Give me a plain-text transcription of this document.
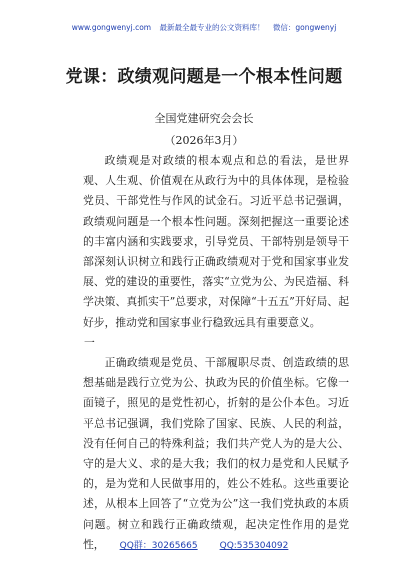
www.gongwenyj.com 最新最全最专业的公文资料库！ 微信：gongwenyj
党课：政绩观问题是一个根本性问题
全国党建研究会会长
（2026年3月）

政绩观是对政绩的根本观点和总的看法，是世界观、人生观、价值观在从政行为中的具体体现，是检验党员、干部党性与作风的试金石。习近平总书记强调，政绩观问题是一个根本性问题。深刻把握这一重要论述的丰富内涵和实践要求，引导党员、干部特别是领导干部深刻认识树立和践行正确政绩观对于党和国家事业发展、党的建设的重要性，落实“立党为公、为民造福、科学决策、真抓实干”总要求，对保障“十五五”开好局、起好步，推动党和国家事业行稳致远具有重要意义。

一

正确政绩观是党员、干部履职尽责、创造政绩的思想基础是践行立党为公、执政为民的价值坐标。它像一面镜子，照见的是党性初心，折射的是公仆本色。习近平总书记强调，我们党除了国家、民族、人民的利益，没有任何自己的特殊利益；我们共产党人为的是大公、守的是大义、求的是大我；我们的权力是党和人民赋予的，是为党和人民做事用的，姓公不姓私。这些重要论述，从根本上回答了“立党为公”这一我们党执政的本质问题。树立和践行正确政绩观，起决定性作用的是党性，	QQ群：30265665 QQ:535304092
